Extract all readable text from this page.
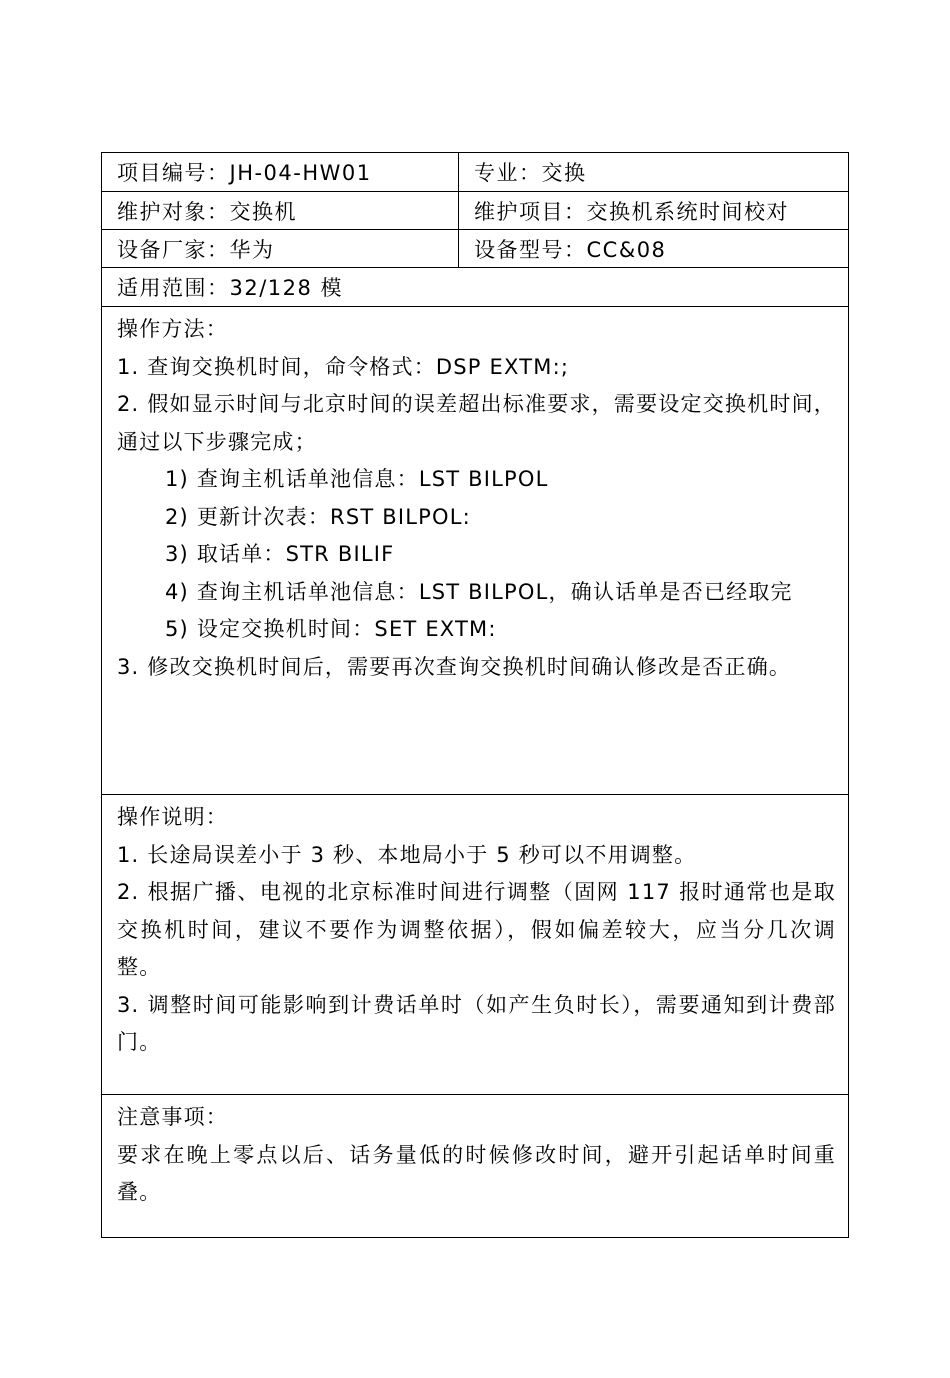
项目编号：JH-04-HW01	专业：交换
维护对象：交换机	维护项目：交换机系统时间校对
设备厂家：华为	设备型号：CC&08
适用范围：32/128 模
操作方法：
1. 查询交换机时间，命令格式：DSP EXTM:;
2. 假如显示时间与北京时间的误差超出标准要求，需要设定交换机时间，通过以下步骤完成；
1) 查询主机话单池信息：LST BILPOL
2) 更新计次表：RST BILPOL:
3) 取话单：STR BILIF
4) 查询主机话单池信息：LST BILPOL，确认话单是否已经取完
5) 设定交换机时间：SET EXTM:
3. 修改交换机时间后，需要再次查询交换机时间确认修改是否正确。
操作说明：
1. 长途局误差小于 3 秒、本地局小于 5 秒可以不用调整。
2. 根据广播、电视的北京标准时间进行调整（固网 117 报时通常也是取交换机时间，建议不要作为调整依据），假如偏差较大，应当分几次调整。
3. 调整时间可能影响到计费话单时（如产生负时长），需要通知到计费部门。
注意事项：
要求在晚上零点以后、话务量低的时候修改时间，避开引起话单时间重叠。
